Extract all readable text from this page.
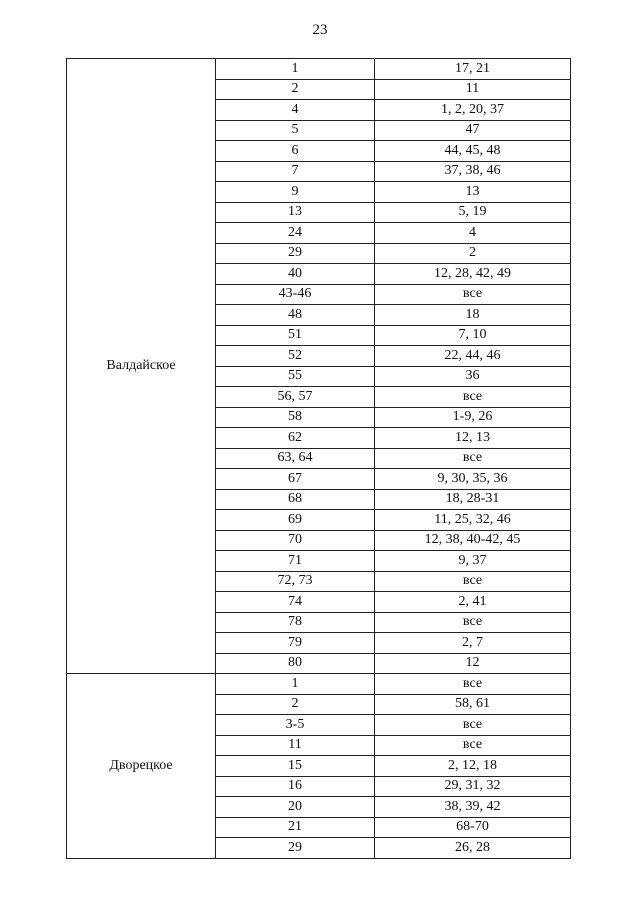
23
Валдайское	1	17, 21
	2	11
	4	1, 2, 20, 37
	5	47
	6	44, 45, 48
	7	37, 38, 46
	9	13
	13	5, 19
	24	4
	29	2
	40	12, 28, 42, 49
	43-46	все
	48	18
	51	7, 10
	52	22, 44, 46
	55	36
	56, 57	все
	58	1-9, 26
	62	12, 13
	63, 64	все
	67	9, 30, 35, 36
	68	18, 28-31
	69	11, 25, 32, 46
	70	12, 38, 40-42, 45
	71	9, 37
	72, 73	все
	74	2, 41
	78	все
	79	2, 7
	80	12
Дворецкое	1	все
	2	58, 61
	3-5	все
	11	все
	15	2, 12, 18
	16	29, 31, 32
	20	38, 39, 42
	21	68-70
	29	26, 28
